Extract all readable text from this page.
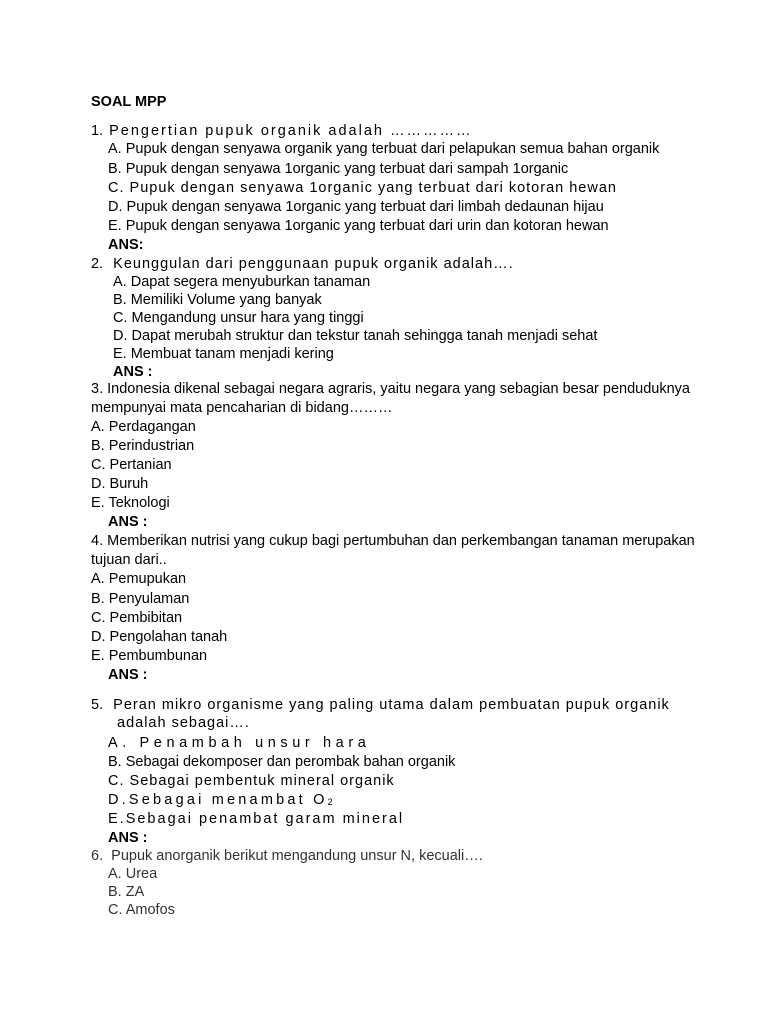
SOAL MPP

1. Pengertian pupuk organik adalah ……………

A. Pupuk dengan senyawa organik yang terbuat dari pelapukan semua bahan organik

B. Pupuk dengan senyawa 1organic yang terbuat dari sampah 1organic

C. Pupuk dengan senyawa 1organic yang terbuat dari kotoran hewan

D. Pupuk dengan senyawa 1organic yang terbuat dari limbah dedaunan hijau

E. Pupuk dengan senyawa 1organic yang terbuat dari urin dan kotoran hewan

ANS:

2. Keunggulan dari penggunaan pupuk organik adalah….

A. Dapat segera menyuburkan tanaman

B. Memiliki Volume yang banyak

C. Mengandung unsur hara yang tinggi

D. Dapat merubah struktur dan tekstur tanah sehingga tanah menjadi sehat

E. Membuat tanam menjadi kering

ANS :

3. Indonesia dikenal sebagai negara agraris, yaitu negara yang sebagian besar penduduknya

mempunyai mata pencaharian di bidang………

A. Perdagangan

B. Perindustrian

C. Pertanian

D. Buruh

E. Teknologi

ANS :

4. Memberikan nutrisi yang cukup bagi pertumbuhan dan perkembangan tanaman merupakan

tujuan dari..

A. Pemupukan

B. Penyulaman

C. Pembibitan

D. Pengolahan tanah

E. Pembumbunan

ANS :

5. Peran mikro organisme yang paling utama dalam pembuatan pupuk organik

adalah sebagai….

A. Penambah unsur hara

B. Sebagai dekomposer dan perombak bahan organik

C. Sebagai pembentuk mineral organik

D.Sebagai menambat $O_2$

E.Sebagai penambat garam mineral

ANS :

6. Pupuk anorganik berikut mengandung unsur N, kecuali….

A. Urea

B. ZA

C. Amofos
